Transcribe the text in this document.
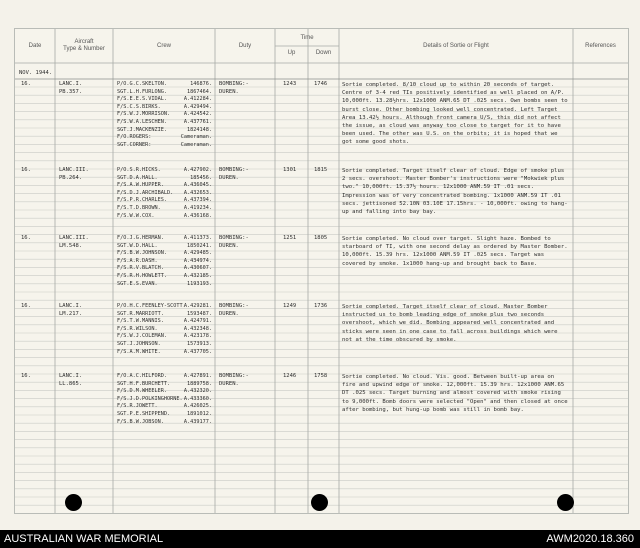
Date
Aircraft
Type & Number	Crew	Duty
Time
Up	Down
Details of Sortie or Flight	References
NOV. 1944.
16.	LANC.I.
PB.357.
P/O.G.C.SKELTON.	146876.
SGT.L.H.FURLONG.	1867464.
F/S.E.E.S.VIDAL.	A.412284.
F/S.C.S.BIRKS.	A.429494.
F/S.W.J.MORRISON.	A.424542.
F/S.W.A.LESCHEN.	A.437761.
SGT.J.MACKENZIE.	1824148.
F/O.ROGERS:	Cameraman.
SGT.CORNER:	Cameraman.
BOMBING:-
DUREN.
1243	1746	Sortie completed. 8/10 cloud up to within 20 seconds of target. Centre of 3-4 red TIs positively identified as well placed on A/P. 10,000ft. 13.28½hrs. 12x1000 ANM.65 DT .025 secs. Own bombs seen to burst close. Other bombing looked well concentrated. Left Target Area 13.42½ hours. Although front camera U/S, this did not affect the issue, as cloud was anyway too close to target for it to have been used. The other was U.S. on the orbits; it is hoped that we got some good shots.
16.	LANC.III.
PB.264.
P/O.S.R.HICKS.	A.427902.
SGT.D.A.HALL.	185456.
F/S.A.W.HUPPER.	A.436045.
F/S.D.J.ARCHIBALD.	A.432653.
F/S.P.R.CHARLES.	A.437394.
F/S.T.D.BROWN.	A.419234.
F/S.W.W.COX.	A.436168.
BOMBING:-
DUREN.
1301	1815	Sortie completed. Target itself clear of cloud. Edge of smoke plus 2 secs. overshoot. Master Bomber's instructions were "Mokwiek plus two." 10,000ft. 15.37½ hours. 12x1000 ANM.59 IT .01 secs. Impression was of very concentrated bombing. 1x1000 ANM.59 IT .01 secs. jettisoned 52.10N 03.10E 17.15hrs. - 10,000ft. owing to hang-up and falling into bay bay.
16.	LANC.III.
LM.548.
F/O.J.G.HERMAN.	A.411373.
SGT.W.D.HALL.	1850241.
F/S.B.W.JOHNSON.	A.429485.
F/S.A.R.DASH.	A.434974.
F/S.R.V.BLATCH.	A.430607.
F/S.R.H.HOWLETT.	A.432185.
SGT.E.S.EVAN.	1193193.
BOMBING:-
DUREN.
1251	1805	Sortie completed. No cloud over target. Slight haze. Bombed to starboard of TI, with one second delay as ordered by Master Bomber. 10,000ft. 15.39 hrs. 12x1000 ANM.59 IT .025 secs. Target was covered by smoke. 1x1000 hang-up and brought back to Base.
16.	LANC.I.
LM.217.
P/O.H.C.FEENLEY-SCOTT.
A.429281.
SGT.R.MARRIOTT.	1593487.
F/S.T.W.MANNIS.	A.424791.
F/S.R.WILSON.	A.432348.
F/S.W.J.COLEMAN.	A.423178.
SGT.J.JOHNSON.	1573913.
F/S.A.M.WHITE.	A.437705.
BOMBING:-
DUREN.
1249	1736	Sortie completed. Target itself clear of cloud. Master Bomber instructed us to bomb leading edge of smoke plus two seconds overshoot, which we did. Bombing appeared well concentrated and sticks were seen in one case to fall across buildings which were not at the time obscured by smoke.
16.	LANC.I.
LL.865.
F/O.A.C.HILFORD.	A.427891.
SGT.H.F.BURCHETT.	1889758.
F/S.D.M.WHEELER.	A.432320.
F/S.J.D.POLKINGHORNE. A.433360.
F/S.R.JOWETT.	A.426025.
SGT.P.E.SHIPPEND.	1891012.
F/S.B.W.JOBSON.	A.439177.
BOMBING:-
DUREN.
1246	1758	Sortie completed. No cloud. Vis. good. Between built-up area on fire and upwind edge of smoke. 12,000ft. 15.39 hrs. 12x1000 ANM.65 DT .025 secs. Target burning and almost covered with smoke rising to 9,000ft. Bomb doors were selected "Open" and then closed at once after bombing, but hung-up bomb was still in bomb bay.
AUSTRALIAN WAR MEMORIAL	AWM2020.18.360
